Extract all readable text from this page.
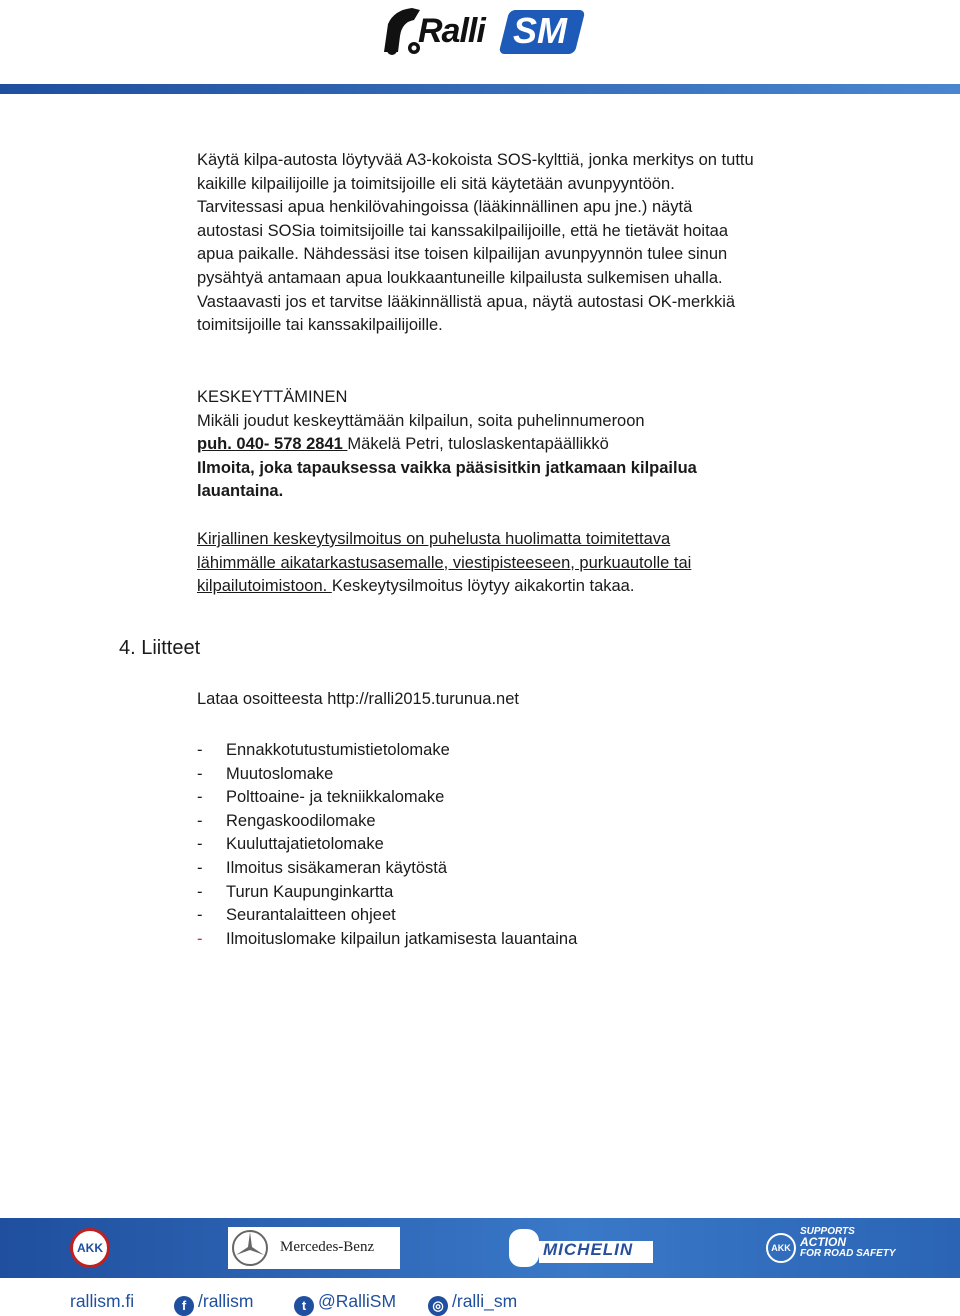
Ralli SM

Käytä kilpa-autosta löytyvää A3-kokoista SOS-kylttiä, jonka merkitys on tuttu
kaikille kilpailijoille ja toimitsijoille eli sitä käytetään avunpyyntöön.
Tarvitessasi apua henkilövahingoissa (lääkinnällinen apu jne.) näytä
autostasi SOSia toimitsijoille tai kanssakilpailijoille, että he tietävät hoitaa
apua paikalle. Nähdessäsi itse toisen kilpailijan avunpyynnön tulee sinun
pysähtyä antamaan apua loukkaantuneille kilpailusta sulkemisen uhalla.
Vastaavasti jos et tarvitse lääkinnällistä apua, näytä autostasi OK-merkkiä
toimitsijoille tai kanssakilpailijoille.

KESKEYTTÄMINEN
Mikäli joudut keskeyttämään kilpailun, soita puhelinnumeroon
puh. 040- 578 2841 Mäkelä Petri, tuloslaskentapäällikkö
Ilmoita, joka tapauksessa vaikka pääsisitkin jatkamaan kilpailua
lauantaina.

Kirjallinen keskeytysilmoitus on puhelusta huolimatta toimitettava
lähimmälle aikatarkastusasemalle, viestipisteeseen, purkuautolle tai
kilpailutoimistoon. Keskeytysilmoitus löytyy aikakortin takaa.

4. Liitteet

Lataa osoitteesta http://ralli2015.turunua.net

- Ennakkotutustumistietolomake
- Muutoslomake
- Polttoaine- ja tekniikkalomake
- Rengaskoodilomake
- Kuuluttajatietolomake
- Ilmoitus sisäkameran käytöstä
- Turun Kaupunginkartta
- Seurantalaitteen ohjeet
- Ilmoituslomake kilpailun jatkamisesta lauantaina
AKK	Mercedes-Benz	MICHELIN	AKK
SUPPORTS
ACTION
FOR ROAD SAFETY
rallism.fi	f /rallism	t @RalliSM	◎ /ralli_sm
